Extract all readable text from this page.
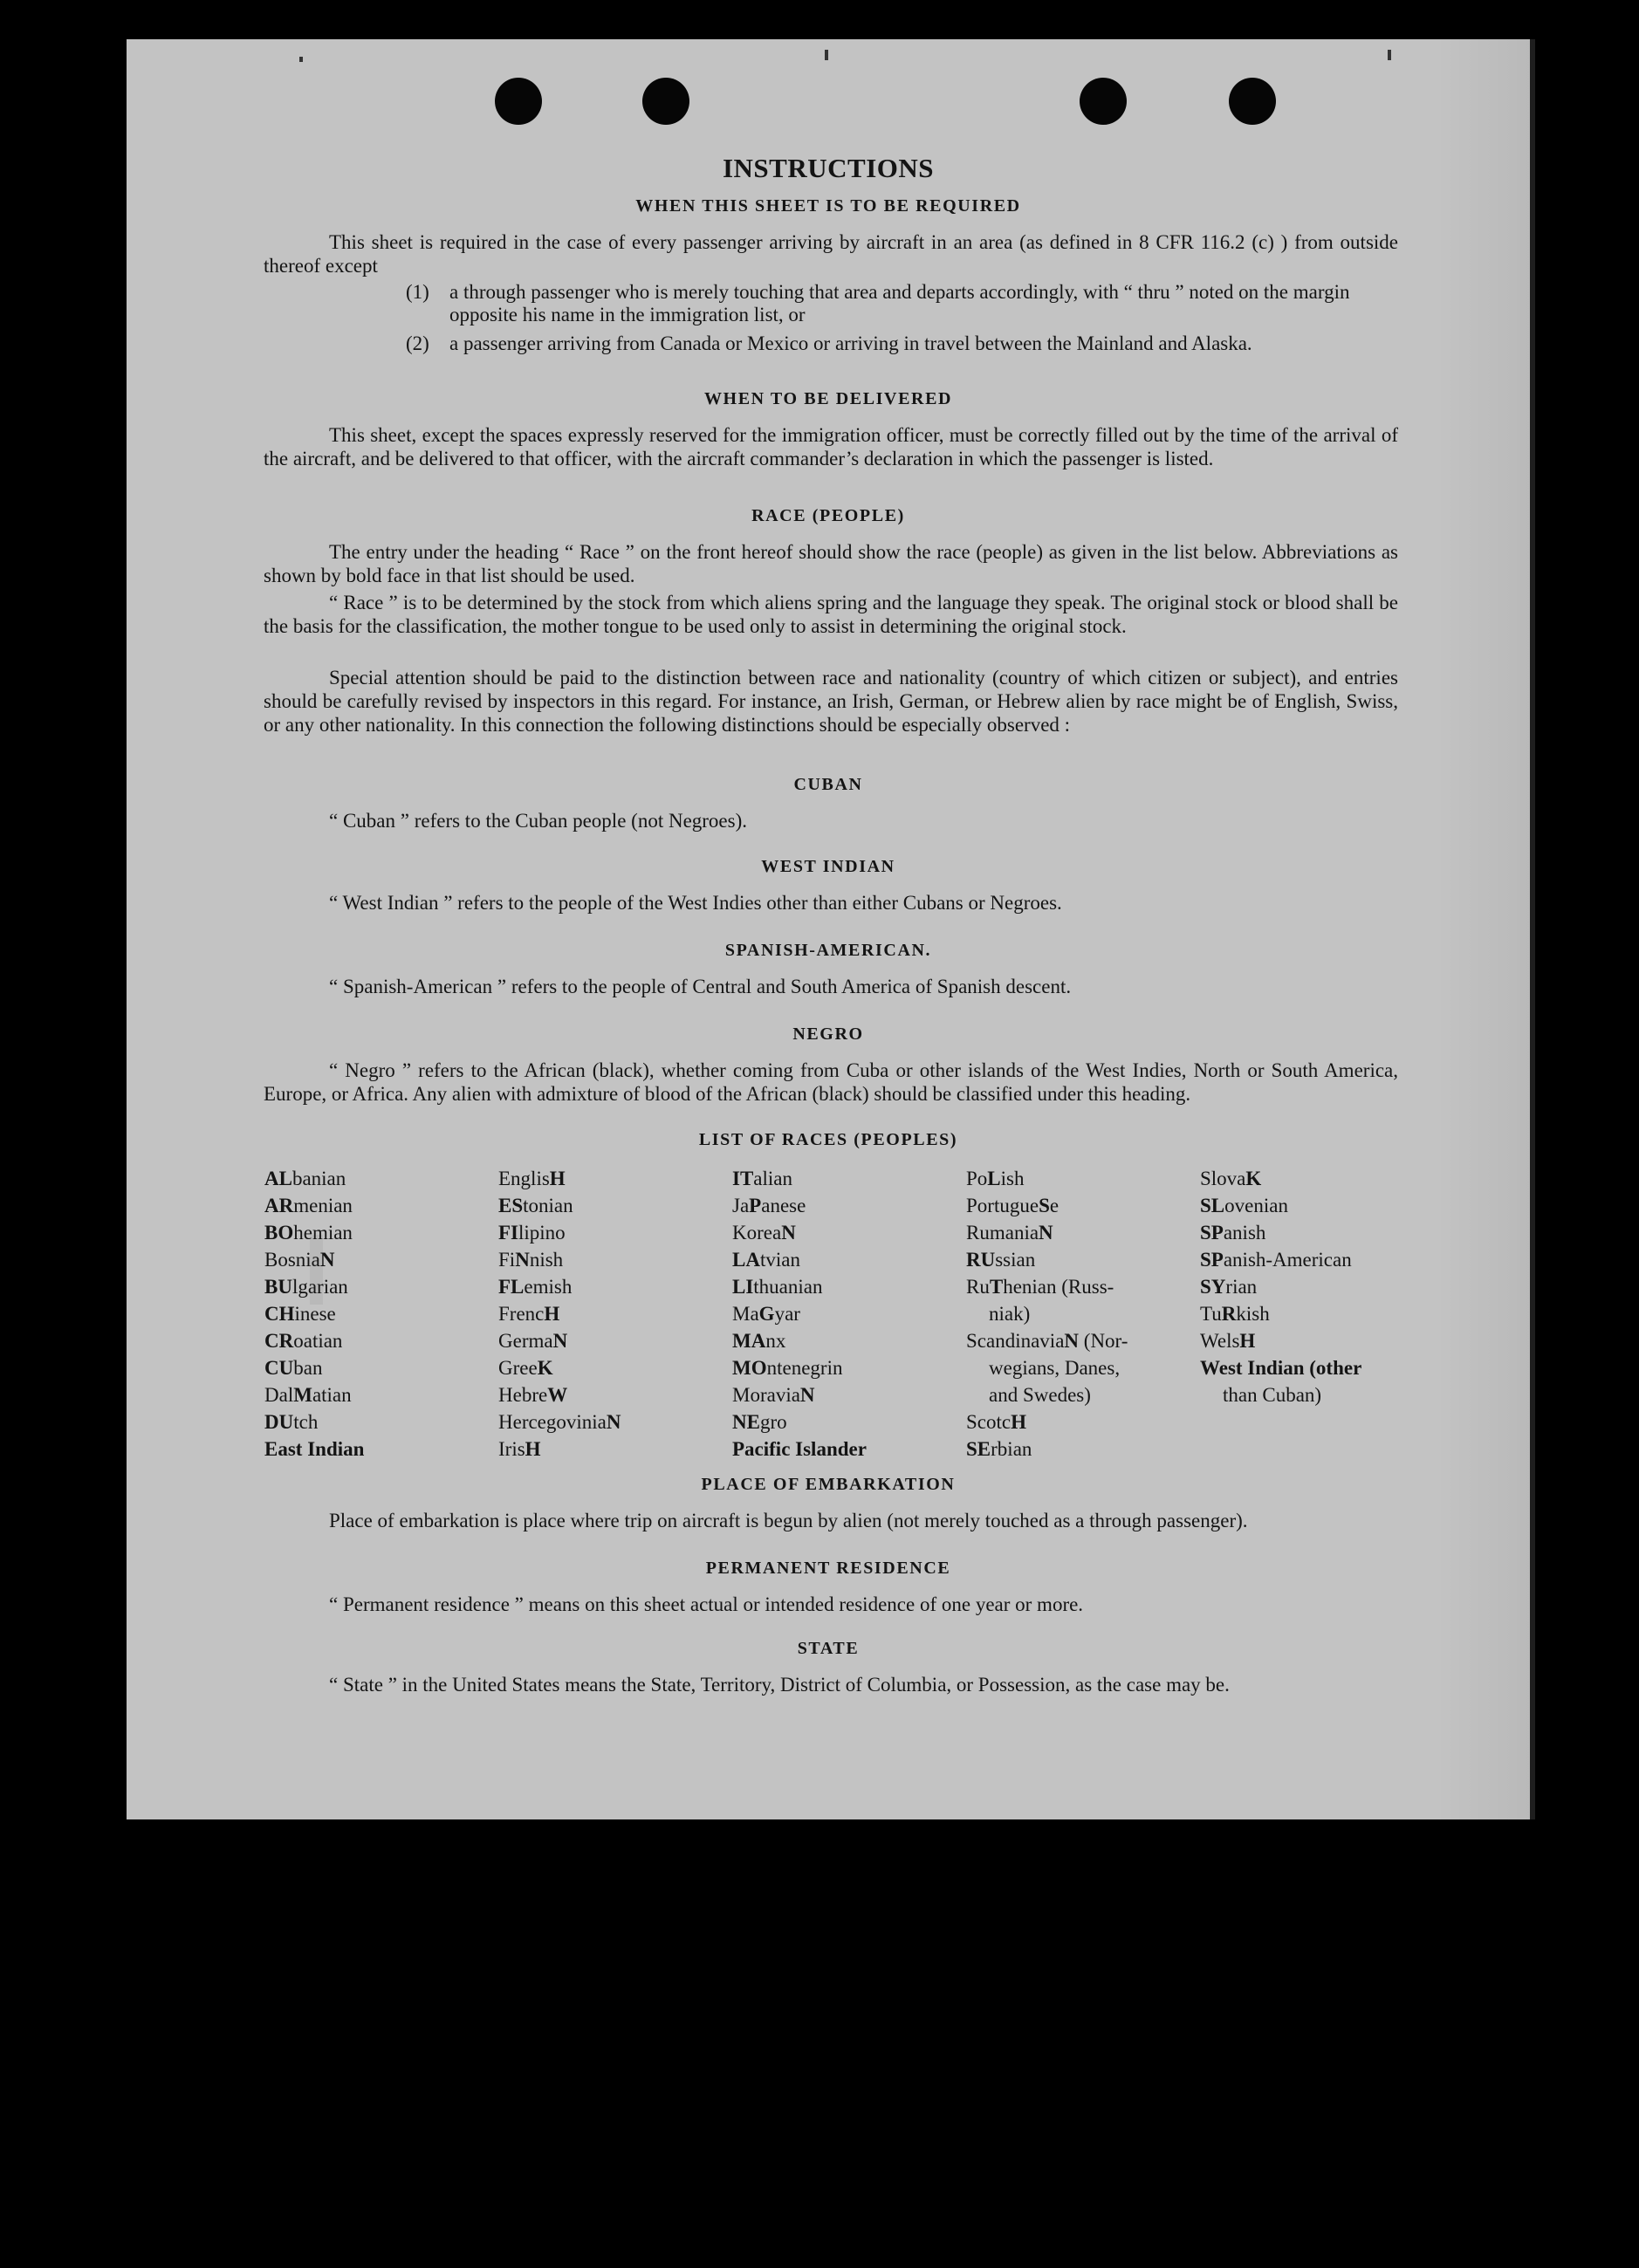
INSTRUCTIONS
WHEN THIS SHEET IS TO BE REQUIRED
This sheet is required in the case of every passenger arriving by aircraft in an area (as defined in 8 CFR 116.2 (c) ) from outside thereof except
(1) a through passenger who is merely touching that area and departs accordingly, with “ thru ” noted on the margin opposite his name in the immigration list, or
(2) a passenger arriving from Canada or Mexico or arriving in travel between the Mainland and Alaska.
WHEN TO BE DELIVERED
This sheet, except the spaces expressly reserved for the immigration officer, must be correctly filled out by the time of the arrival of the aircraft, and be delivered to that officer, with the aircraft commander’s declaration in which the passenger is listed.
RACE (PEOPLE)
The entry under the heading “ Race ” on the front hereof should show the race (people) as given in the list below. Abbreviations as shown by bold face in that list should be used.
“ Race ” is to be determined by the stock from which aliens spring and the language they speak. The original stock or blood shall be the basis for the classification, the mother tongue to be used only to assist in determining the original stock.
Special attention should be paid to the distinction between race and nationality (country of which citizen or subject), and entries should be carefully revised by inspectors in this regard. For instance, an Irish, German, or Hebrew alien by race might be of English, Swiss, or any other nationality. In this connection the following distinctions should be especially observed :
CUBAN
“ Cuban ” refers to the Cuban people (not Negroes).
WEST INDIAN
“ West Indian ” refers to the people of the West Indies other than either Cubans or Negroes.
SPANISH-AMERICAN.
“ Spanish-American ” refers to the people of Central and South America of Spanish descent.
NEGRO
“ Negro ” refers to the African (black), whether coming from Cuba or other islands of the West Indies, North or South America, Europe, or Africa. Any alien with admixture of blood of the African (black) should be classified under this heading.
LIST OF RACES (PEOPLES)
ALbanian
ARmenian
BOhemian
BosniaN
BUlgarian
CHinese
CRoatian
CUban
DalMatian
DUtch
East Indian
EnglisH
EStonian
FIlipino
FiNnish
FLemish
FrencH
GermaN
GreeK
HebreW
HercegoviniaN
IrisH
ITalian
JaPanese
KoreaN
LAtvian
LIthuanian
MaGyar
MAnx
MOntenegrin
MoraviaN
NEgro
Pacific Islander
PoLish
PortugueSe
RumaniaN
RUssian
RuThenian (Russ-
niak)
ScandinaviaN (Nor-
wegians, Danes,
and Swedes)
ScotcH
SErbian
SlovaK
SLovenian
SPanish
SPanish-American
SYrian
TuRkish
WelsH
West Indian (other
than Cuban)
PLACE OF EMBARKATION
Place of embarkation is place where trip on aircraft is begun by alien (not merely touched as a through passenger).
PERMANENT RESIDENCE
“ Permanent residence ” means on this sheet actual or intended residence of one year or more.
STATE
“ State ” in the United States means the State, Territory, District of Columbia, or Possession, as the case may be.
